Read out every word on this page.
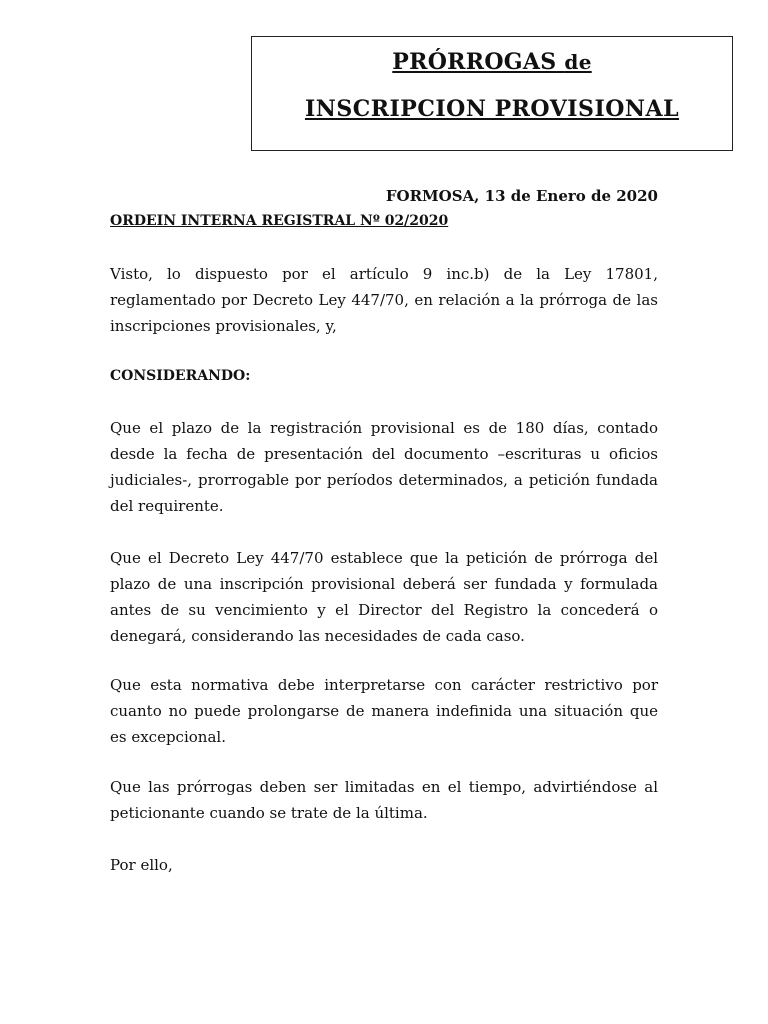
PRÓRROGAS de
INSCRIPCION PROVISIONAL
FORMOSA, 13 de Enero de 2020
ORDEIN INTERNA REGISTRAL Nº 02/2020

Visto, lo dispuesto por el artículo 9 inc.b) de la Ley 17801, reglamentado por Decreto Ley 447/70, en relación a la prórroga de las inscripciones provisionales, y,

CONSIDERANDO:

Que el plazo de la registración provisional es de 180 días, contado desde la fecha de presentación del documento –escrituras u oficios judiciales-, prorrogable por períodos determinados, a petición fundada del requirente.

Que el Decreto Ley 447/70 establece que la petición de prórroga del plazo de una inscripción provisional deberá ser fundada y formulada antes de su vencimiento y el Director del Registro la concederá o denegará, considerando las necesidades de cada caso.

Que esta normativa debe interpretarse con carácter restrictivo por cuanto no puede prolongarse de manera indefinida una situación que es excepcional.

Que las prórrogas deben ser limitadas en el tiempo, advirtiéndose al peticionante cuando se trate de la última.

Por ello,
